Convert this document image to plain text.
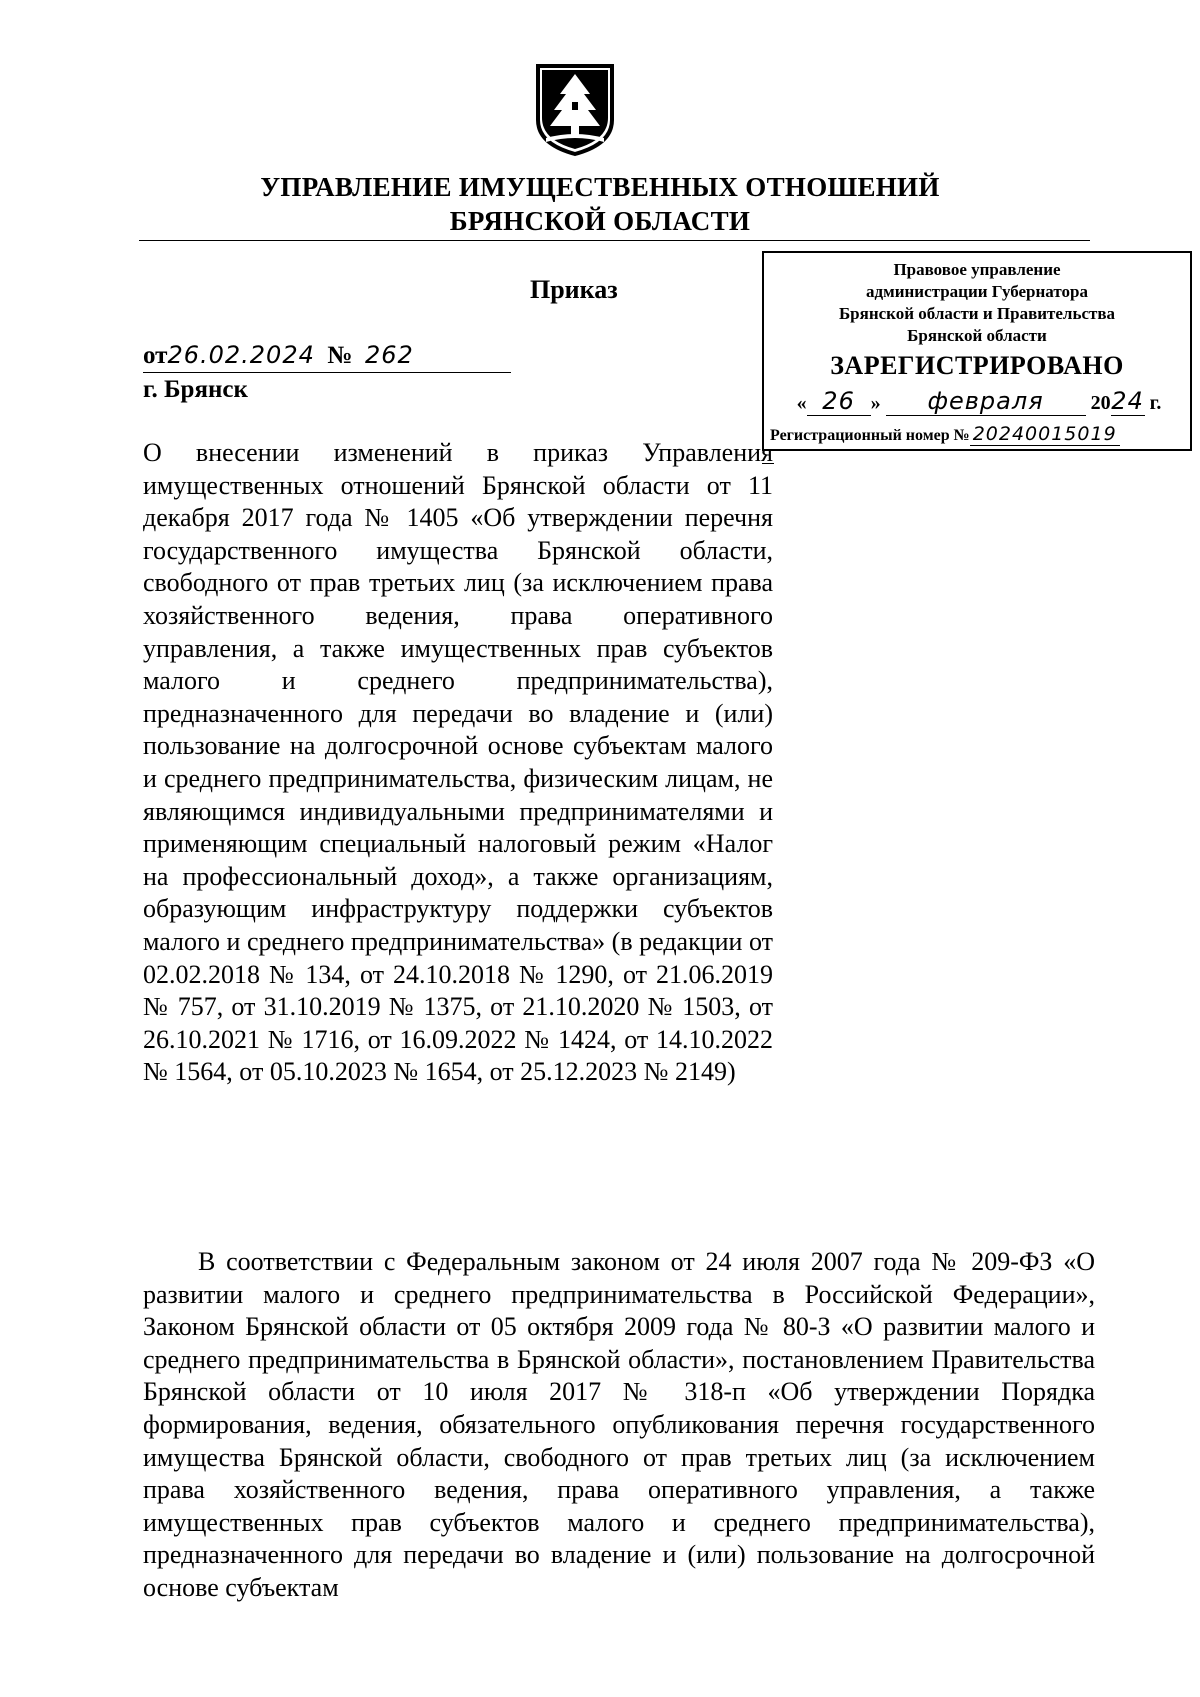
УПРАВЛЕНИЕ ИМУЩЕСТВЕННЫХ ОТНОШЕНИЙ
БРЯНСКОЙ ОБЛАСТИ
Приказ
от26.02.2024 № 262
г. Брянск
Правовое управление
администрации Губернатора
Брянской области и Правительства
Брянской области
ЗАРЕГИСТРИРОВАНО
« 26 » февраля 2024 г.
Регистрационный номер № 20240015019
О внесении изменений в приказ Управления имущественных отношений Брянской области от 11 декабря 2017 года № 1405 «Об утверждении перечня государственного имущества Брянской области, свободного от прав третьих лиц (за исключением права хозяйственного ведения, права оперативного управления, а также имущественных прав субъектов малого и среднего предпринимательства), предназначенного для передачи во владение и (или) пользование на долгосрочной основе субъектам малого и среднего предпринимательства, физическим лицам, не являющимся индивидуальными предпринимателями и применяющим специальный налоговый режим «Налог на профессиональный доход», а также организациям, образующим инфраструктуру поддержки субъектов малого и среднего предпринимательства» (в редакции от 02.02.2018 № 134, от 24.10.2018 № 1290, от 21.06.2019 № 757, от 31.10.2019 № 1375, от 21.10.2020 № 1503, от 26.10.2021 № 1716, от 16.09.2022 № 1424, от 14.10.2022 № 1564, от 05.10.2023 № 1654, от 25.12.2023 № 2149)
В соответствии с Федеральным законом от 24 июля 2007 года № 209-ФЗ «О развитии малого и среднего предпринимательства в Российской Федерации», Законом Брянской области от 05 октября 2009 года № 80-З «О развитии малого и среднего предпринимательства в Брянской области», постановлением Правительства Брянской области от 10 июля 2017 № 318-п «Об утверждении Порядка формирования, ведения, обязательного опубликования перечня государственного имущества Брянской области, свободного от прав третьих лиц (за исключением права хозяйственного ведения, права оперативного управления, а также имущественных прав субъектов малого и среднего предпринимательства), предназначенного для передачи во владение и (или) пользование на долгосрочной основе субъектам
